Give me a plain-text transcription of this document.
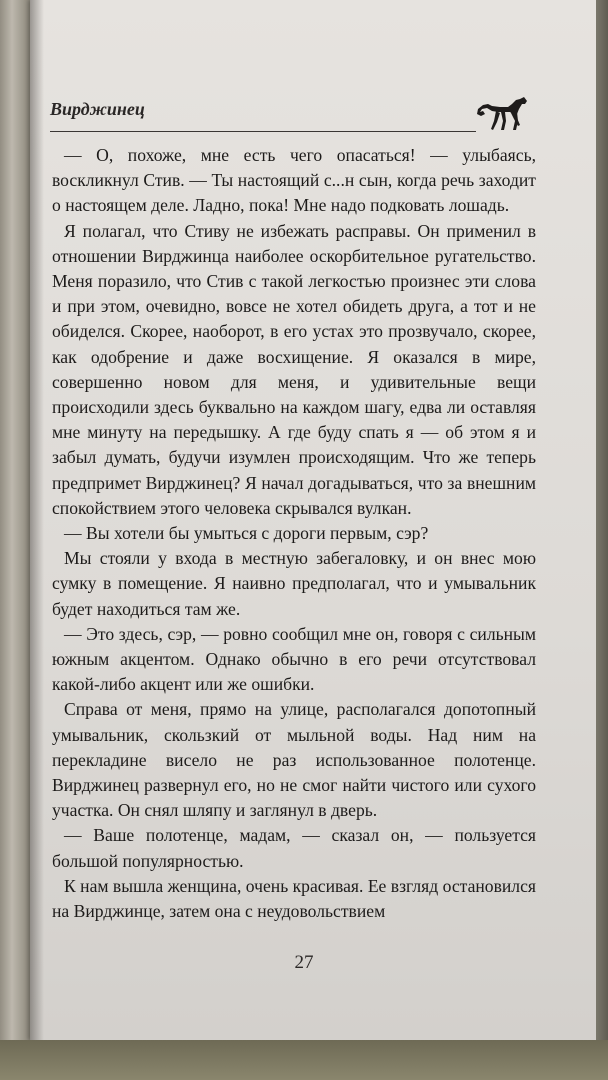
Вирджинец

— О, похоже, мне есть чего опасаться! — улыбаясь, воскликнул Стив. — Ты настоящий с...н сын, когда речь заходит о настоящем деле. Ладно, пока! Мне надо подковать лошадь.

Я полагал, что Стиву не избежать расправы. Он применил в отношении Вирджинца наиболее оскорбительное ругательство. Меня поразило, что Стив с такой легкостью произнес эти слова и при этом, очевидно, вовсе не хотел обидеть друга, а тот и не обиделся. Скорее, наоборот, в его устах это прозвучало, скорее, как одобрение и даже восхищение. Я оказался в мире, совершенно новом для меня, и удивительные вещи происходили здесь буквально на каждом шагу, едва ли оставляя мне минуту на передышку. А где буду спать я — об этом я и забыл думать, будучи изумлен происходящим. Что же теперь предпримет Вирджинец? Я начал догадываться, что за внешним спокойствием этого человека скрывался вулкан.

— Вы хотели бы умыться с дороги первым, сэр?

Мы стояли у входа в местную забегаловку, и он внес мою сумку в помещение. Я наивно предполагал, что и умывальник будет находиться там же.

— Это здесь, сэр, — ровно сообщил мне он, говоря с сильным южным акцентом. Однако обычно в его речи отсутствовал какой-либо акцент или же ошибки.

Справа от меня, прямо на улице, располагался допотопный умывальник, скользкий от мыльной воды. Над ним на перекладине висело не раз использованное полотенце. Вирджинец развернул его, но не смог найти чистого или сухого участка. Он снял шляпу и заглянул в дверь.

— Ваше полотенце, мадам, — сказал он, — пользуется большой популярностью.

К нам вышла женщина, очень красивая. Ее взгляд остановился на Вирджинце, затем она с неудовольствием

27
